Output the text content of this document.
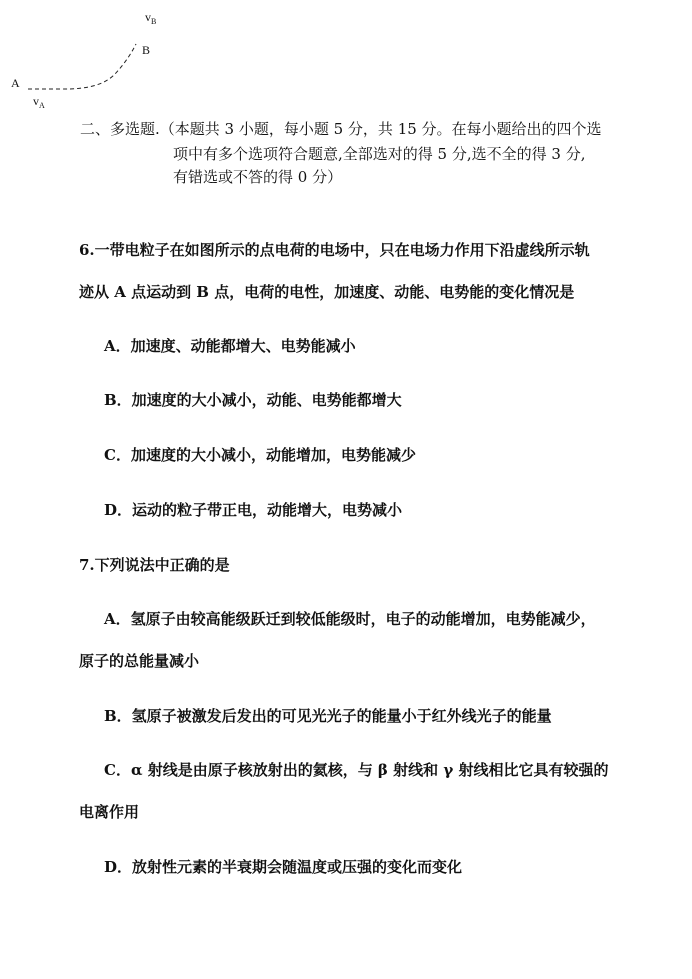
A
B
$v_A$
$v_B$
二、多选题.（本题共 3 小题，每小题 5 分，共 15 分。在每小题给出的四个选
项中有多个选项符合题意,全部选对的得 5 分,选不全的得 3 分,
有错选或不答的得 0 分）
6.一带电粒子在如图所示的点电荷的电场中，只在电场力作用下沿虚线所示轨
迹从 A 点运动到 B 点，电荷的电性，加速度、动能、电势能的变化情况是
A．加速度、动能都增大、电势能减小
B．加速度的大小减小，动能、电势能都增大
C．加速度的大小减小，动能增加，电势能减少
D．运动的粒子带正电，动能增大，电势减小
7.下列说法中正确的是
A．氢原子由较高能级跃迁到较低能级时，电子的动能增加，电势能减少，
原子的总能量减小
B．氢原子被激发后发出的可见光光子的能量小于红外线光子的能量
C．α 射线是由原子核放射出的氦核，与 β 射线和 γ 射线相比它具有较强的
电离作用
D．放射性元素的半衰期会随温度或压强的变化而变化
